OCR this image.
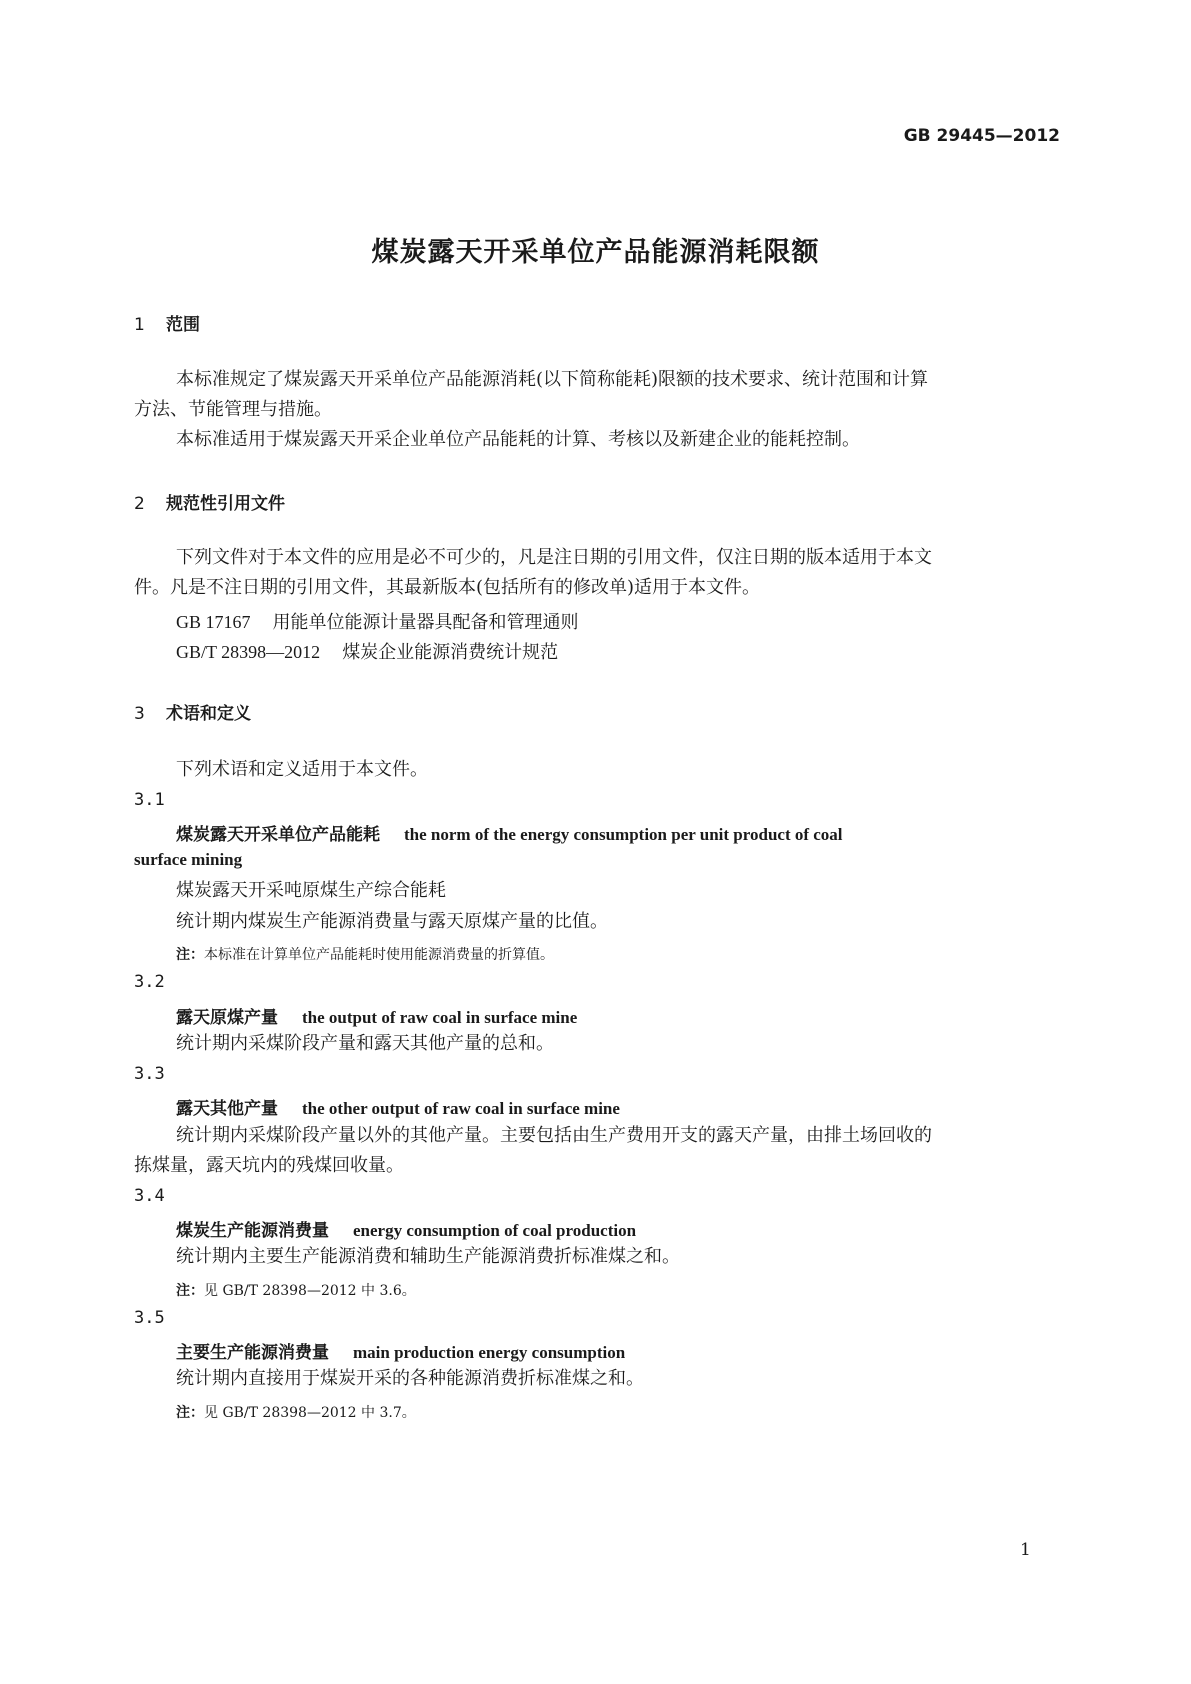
GB 29445—2012
煤炭露天开采单位产品能源消耗限额
1 范围

本标准规定了煤炭露天开采单位产品能源消耗(以下简称能耗)限额的技术要求、统计范围和计算

方法、节能管理与措施。

本标准适用于煤炭露天开采企业单位产品能耗的计算、考核以及新建企业的能耗控制。

2 规范性引用文件

下列文件对于本文件的应用是必不可少的，凡是注日期的引用文件，仅注日期的版本适用于本文

件。凡是不注日期的引用文件，其最新版本(包括所有的修改单)适用于本文件。

GB 17167 用能单位能源计量器具配备和管理通则
GB/T 28398—2012 煤炭企业能源消费统计规范
3 术语和定义

下列术语和定义适用于本文件。

3.1
煤炭露天开采单位产品能耗 the norm of the energy consumption per unit product of coal
surface mining

煤炭露天开采吨原煤生产综合能耗

统计期内煤炭生产能源消费量与露天原煤产量的比值。

注：本标准在计算单位产品能耗时使用能源消费量的折算值。
3.2
露天原煤产量 the output of raw coal in surface mine

统计期内采煤阶段产量和露天其他产量的总和。

3.3
露天其他产量 the other output of raw coal in surface mine

统计期内采煤阶段产量以外的其他产量。主要包括由生产费用开支的露天产量，由排土场回收的

拣煤量，露天坑内的残煤回收量。

3.4
煤炭生产能源消费量 energy consumption of coal production

统计期内主要生产能源消费和辅助生产能源消费折标准煤之和。

注：见 GB/T 28398—2012 中 3.6。
3.5
主要生产能源消费量 main production energy consumption

统计期内直接用于煤炭开采的各种能源消费折标准煤之和。

注：见 GB/T 28398—2012 中 3.7。
1
